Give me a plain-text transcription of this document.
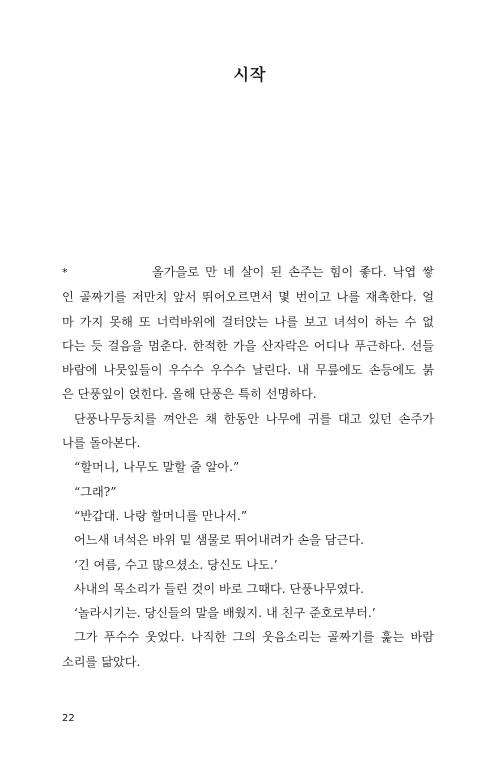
시작
*	올가을로 만 네 살이 된 손주는 힘이 좋다. 낙엽 쌓
인 골짜기를 저만치 앞서 뛰어오르면서 몇 번이고 나를 재촉한다. 얼
마 가지 못해 또 너럭바위에 걸터앉는 나를 보고 녀석이 하는 수 없
다는 듯 걸음을 멈춘다. 한적한 가을 산자락은 어디나 푸근하다. 선들
바람에 나뭇잎들이 우수수 우수수 날린다. 내 무릎에도 손등에도 붉
은 단풍잎이 얹힌다. 올해 단풍은 특히 선명하다.
단풍나무둥치를 껴안은 채 한동안 나무에 귀를 대고 있던 손주가
나를 돌아본다.
“할머니, 나무도 말할 줄 알아.”
“그래?”
“반갑대. 나랑 할머니를 만나서.”
어느새 녀석은 바위 밑 샘물로 뛰어내려가 손을 담근다.
‘긴 여름, 수고 많으셨소. 당신도 나도.’
사내의 목소리가 들린 것이 바로 그때다. 단풍나무였다.
‘놀라시기는. 당신들의 말을 배웠지. 내 친구 준호로부터.’
그가 푸수수 웃었다. 나직한 그의 웃음소리는 골짜기를 훑는 바람
소리를 닮았다.
22
